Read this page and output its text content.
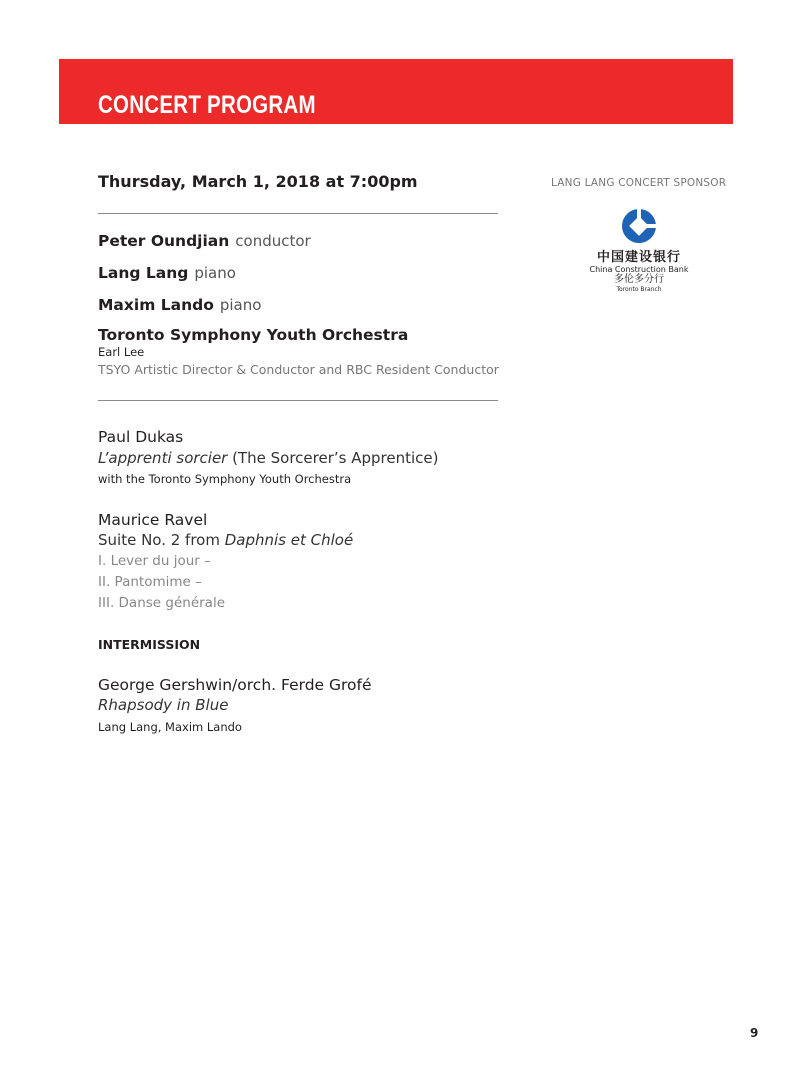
CONCERT PROGRAM
Thursday, March 1, 2018 at 7:00pm	LANG LANG CONCERT SPONSOR
中国建设银行
China Construction Bank
多伦多分行
Toronto Branch
Peter Oundjian conductor
Lang Lang piano
Maxim Lando piano
Toronto Symphony Youth Orchestra
Earl Lee
TSYO Artistic Director & Conductor and RBC Resident Conductor
Paul Dukas
L’apprenti sorcier (The Sorcerer’s Apprentice)
with the Toronto Symphony Youth Orchestra
Maurice Ravel
Suite No. 2 from Daphnis et Chloé
I. Lever du jour –
II. Pantomime –
III. Danse générale
INTERMISSION
George Gershwin/orch. Ferde Grofé
Rhapsody in Blue
Lang Lang, Maxim Lando
9
